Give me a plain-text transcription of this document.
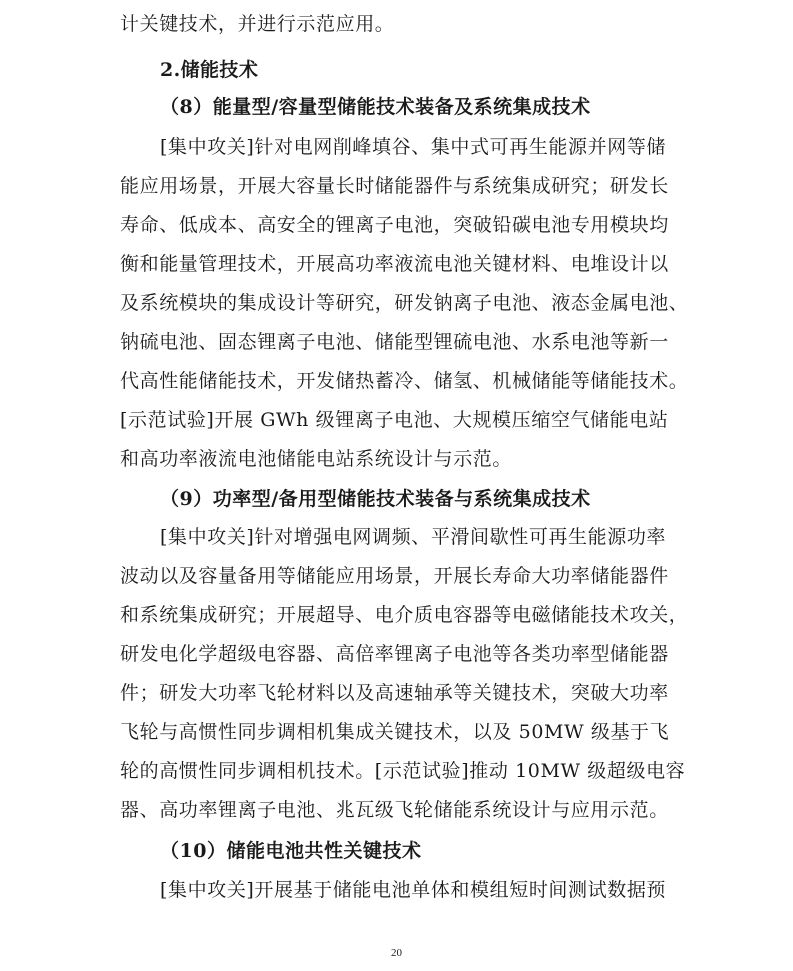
计关键技术，并进行示范应用。
2.储能技术
（8）能量型/容量型储能技术装备及系统集成技术
[集中攻关]针对电网削峰填谷、集中式可再生能源并网等储
能应用场景，开展大容量长时储能器件与系统集成研究；研发长
寿命、低成本、高安全的锂离子电池，突破铅碳电池专用模块均
衡和能量管理技术，开展高功率液流电池关键材料、电堆设计以
及系统模块的集成设计等研究，研发钠离子电池、液态金属电池、
钠硫电池、固态锂离子电池、储能型锂硫电池、水系电池等新一
代高性能储能技术，开发储热蓄冷、储氢、机械储能等储能技术。
[示范试验]开展 GWh 级锂离子电池、大规模压缩空气储能电站
和高功率液流电池储能电站系统设计与示范。
（9）功率型/备用型储能技术装备与系统集成技术
[集中攻关]针对增强电网调频、平滑间歇性可再生能源功率
波动以及容量备用等储能应用场景，开展长寿命大功率储能器件
和系统集成研究；开展超导、电介质电容器等电磁储能技术攻关，
研发电化学超级电容器、高倍率锂离子电池等各类功率型储能器
件；研发大功率飞轮材料以及高速轴承等关键技术，突破大功率
飞轮与高惯性同步调相机集成关键技术，以及 50MW 级基于飞
轮的高惯性同步调相机技术。[示范试验]推动 10MW 级超级电容
器、高功率锂离子电池、兆瓦级飞轮储能系统设计与应用示范。
（10）储能电池共性关键技术
[集中攻关]开展基于储能电池单体和模组短时间测试数据预
20
